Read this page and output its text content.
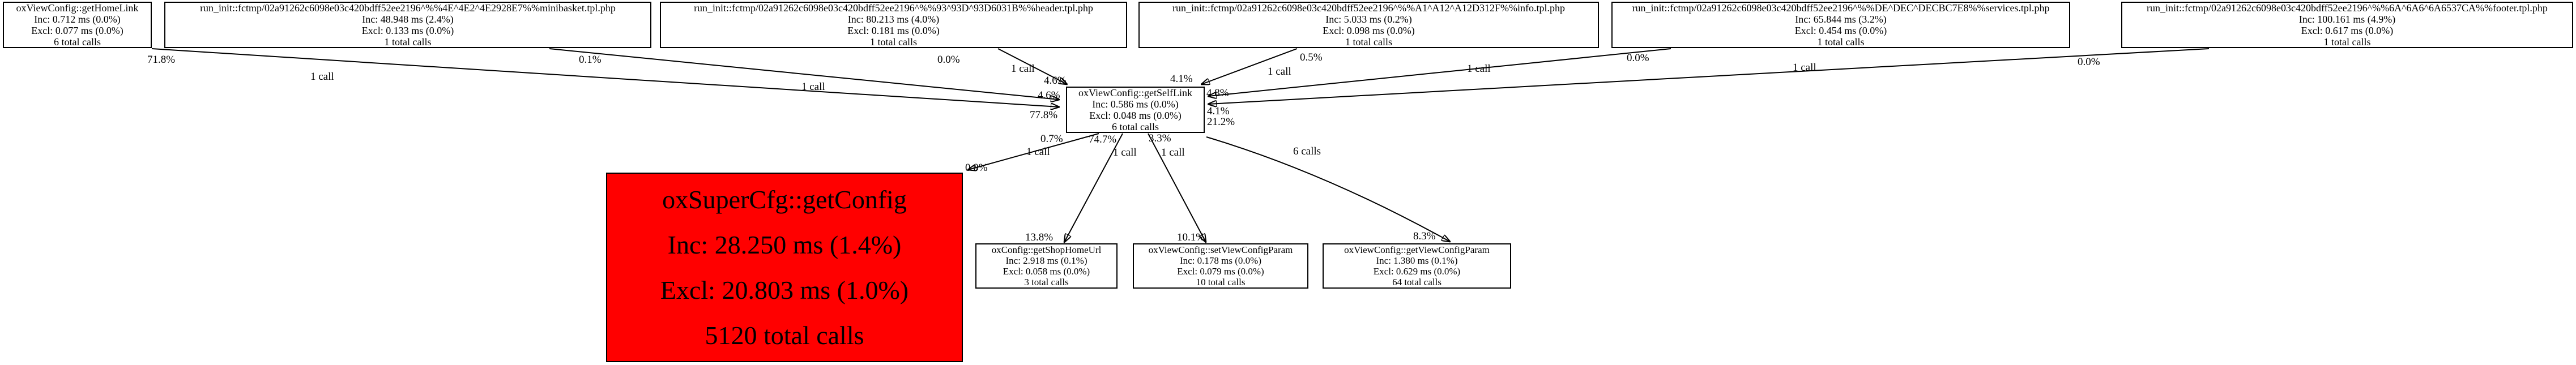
oxViewConfig::getHomeLink
Inc: 0.712 ms (0.0%)
Excl: 0.077 ms (0.0%)
6 total calls
run_init::fctmp/02a91262c6098e03c420bdff52ee2196^%%4E^4E2^4E2928E7%%minibasket.tpl.php
Inc: 48.948 ms (2.4%)
Excl: 0.133 ms (0.0%)
1 total calls
run_init::fctmp/02a91262c6098e03c420bdff52ee2196^%%93^93D^93D6031B%%header.tpl.php
Inc: 80.213 ms (4.0%)
Excl: 0.181 ms (0.0%)
1 total calls
run_init::fctmp/02a91262c6098e03c420bdff52ee2196^%%A1^A12^A12D312F%%info.tpl.php
Inc: 5.033 ms (0.2%)
Excl: 0.098 ms (0.0%)
1 total calls
run_init::fctmp/02a91262c6098e03c420bdff52ee2196^%%DE^DEC^DECBC7E8%%services.tpl.php
Inc: 65.844 ms (3.2%)
Excl: 0.454 ms (0.0%)
1 total calls
run_init::fctmp/02a91262c6098e03c420bdff52ee2196^%%6A^6A6^6A6537CA%%footer.tpl.php
Inc: 100.161 ms (4.9%)
Excl: 0.617 ms (0.0%)
1 total calls
oxViewConfig::getSelfLink
Inc: 0.586 ms (0.0%)
Excl: 0.048 ms (0.0%)
6 total calls
oxSuperCfg::getConfig
Inc: 28.250 ms (1.4%)
Excl: 20.803 ms (1.0%)
5120 total calls
oxConfig::getShopHomeUrl
Inc: 2.918 ms (0.1%)
Excl: 0.058 ms (0.0%)
3 total calls
oxViewConfig::setViewConfigParam
Inc: 0.178 ms (0.0%)
Excl: 0.079 ms (0.0%)
10 total calls
oxViewConfig::getViewConfigParam
Inc: 1.380 ms (0.1%)
Excl: 0.629 ms (0.0%)
64 total calls
71.8%
1 call
0.1%
1 call
0.0%
1 call
0.5%
1 call
0.0%
1 call
0.0%
1 call
4.6%
4.6%
77.8%
4.1%
4.8%
4.1%
21.2%
0.7% 74.7%	3.3%
1 call	1 call 1 call	6 calls
0.0%
13.8%	10.1%	8.3%
